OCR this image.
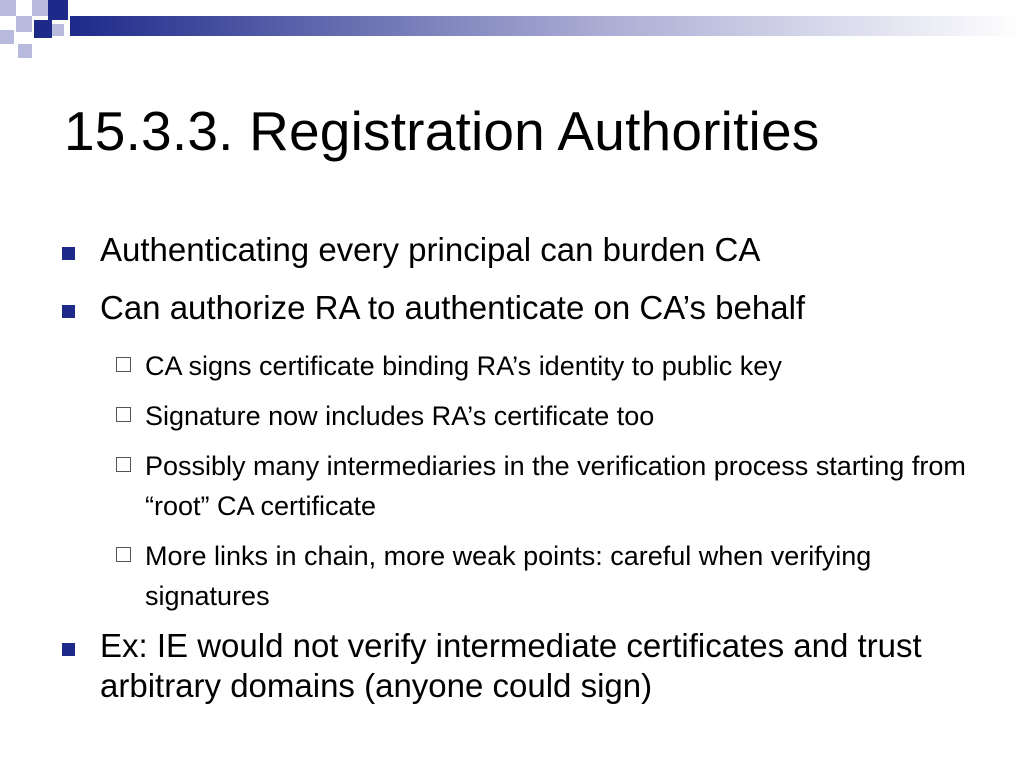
15.3.3. Registration Authorities
Authenticating every principal can burden CA
Can authorize RA to authenticate on CA’s behalf
CA signs certificate binding RA’s identity to public key
Signature now includes RA’s certificate too
Possibly many intermediaries in the verification process starting from “root” CA certificate
More links in chain, more weak points: careful when verifying signatures
Ex: IE would not verify intermediate certificates and trust arbitrary domains (anyone could sign)
